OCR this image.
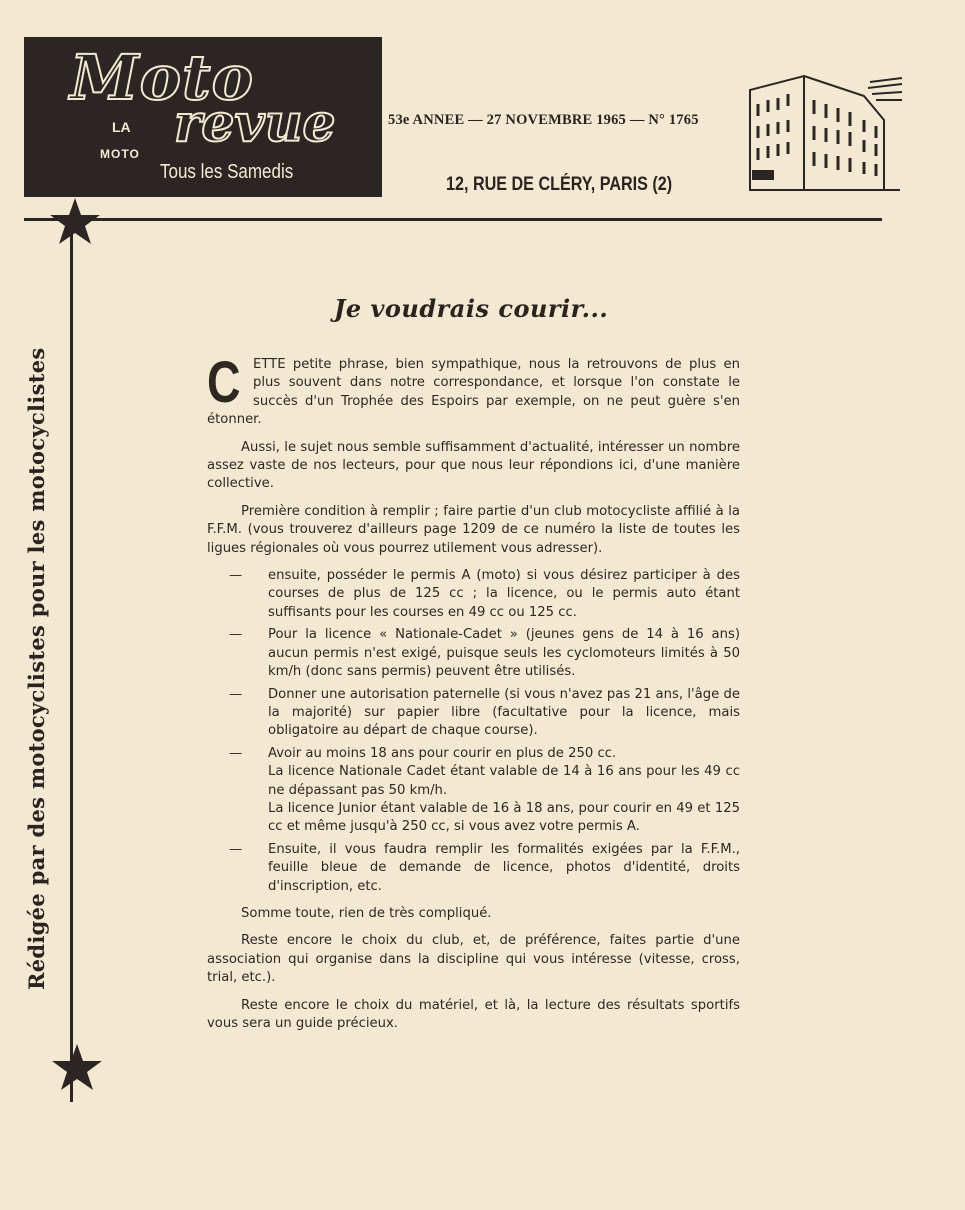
Moto
LA revue
MOTO
Tous les Samedis
53e ANNEE — 27 NOVEMBRE 1965 — N° 1765
12, RUE DE CLÉRY, PARIS (2)
Rédigée par des motocyclistes pour les motocyclistes
Je voudrais courir...

CETTE petite phrase, bien sympathique, nous la retrouvons de plus en plus souvent dans notre correspondance, et lorsque l'on constate le succès d'un Trophée des Espoirs par exemple, on ne peut guère s'en étonner.

Aussi, le sujet nous semble suffisamment d'actualité, intéresser un nombre assez vaste de nos lecteurs, pour que nous leur répondions ici, d'une manière collective.

Première condition à remplir ; faire partie d'un club motocycliste affilié à la F.F.M. (vous trouverez d'ailleurs page 1209 de ce numéro la liste de toutes les ligues régionales où vous pourrez utilement vous adresser).

— ensuite, posséder le permis A (moto) si vous désirez participer à des courses de plus de 125 cc ; la licence, ou le permis auto étant suffisants pour les courses en 49 cc ou 125 cc.
— Pour la licence « Nationale-Cadet » (jeunes gens de 14 à 16 ans) aucun permis n'est exigé, puisque seuls les cyclomoteurs limités à 50 km/h (donc sans permis) peuvent être utilisés.
— Donner une autorisation paternelle (si vous n'avez pas 21 ans, l'âge de la majorité) sur papier libre (facultative pour la licence, mais obligatoire au départ de chaque course).
— Avoir au moins 18 ans pour courir en plus de 250 cc.
La licence Nationale Cadet étant valable de 14 à 16 ans pour les 49 cc ne dépassant pas 50 km/h.
La licence Junior étant valable de 16 à 18 ans, pour courir en 49 et 125 cc et même jusqu'à 250 cc, si vous avez votre permis A.
— Ensuite, il vous faudra remplir les formalités exigées par la F.F.M., feuille bleue de demande de licence, photos d'identité, droits d'inscription, etc.

Somme toute, rien de très compliqué.

Reste encore le choix du club, et, de préférence, faites partie d'une association qui organise dans la discipline qui vous intéresse (vitesse, cross, trial, etc.).

Reste encore le choix du matériel, et là, la lecture des résultats sportifs vous sera un guide précieux.
